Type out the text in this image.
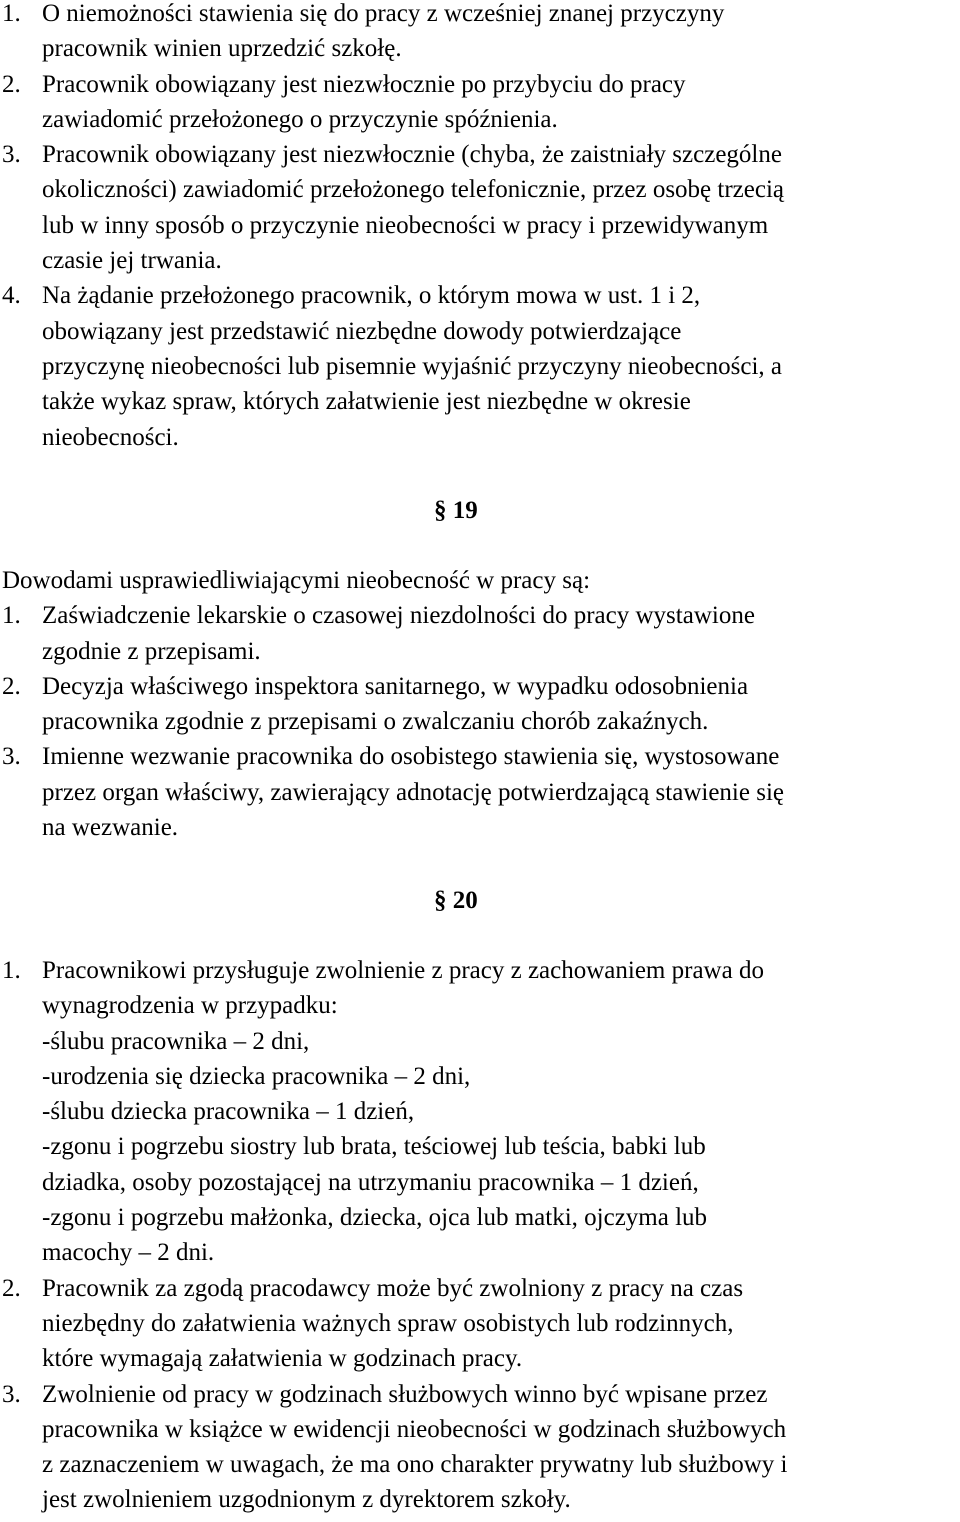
1. O niemożności stawienia się do pracy z wcześniej znanej przyczyny
pracownik winien uprzedzić szkołę.
2. Pracownik obowiązany jest niezwłocznie po przybyciu do pracy
zawiadomić przełożonego o przyczynie spóźnienia.
3. Pracownik obowiązany jest niezwłocznie (chyba, że zaistniały szczególne
okoliczności) zawiadomić przełożonego telefonicznie, przez osobę trzecią
lub w inny sposób o przyczynie nieobecności w pracy i przewidywanym
czasie jej trwania.
4. Na żądanie przełożonego pracownik, o którym mowa w ust. 1 i 2,
obowiązany jest przedstawić niezbędne dowody potwierdzające
przyczynę nieobecności lub pisemnie wyjaśnić przyczyny nieobecności, a
także wykaz spraw, których załatwienie jest niezbędne w okresie
nieobecności.
§ 19
Dowodami usprawiedliwiającymi nieobecność w pracy są:
1. Zaświadczenie lekarskie o czasowej niezdolności do pracy wystawione
zgodnie z przepisami.
2. Decyzja właściwego inspektora sanitarnego, w wypadku odosobnienia
pracownika zgodnie z przepisami o zwalczaniu chorób zakaźnych.
3. Imienne wezwanie pracownika do osobistego stawienia się, wystosowane
przez organ właściwy, zawierający adnotację potwierdzającą stawienie się
na wezwanie.
§ 20
1. Pracownikowi przysługuje zwolnienie z pracy z zachowaniem prawa do
wynagrodzenia w przypadku:
-ślubu pracownika – 2 dni,
-urodzenia się dziecka pracownika – 2 dni,
-ślubu dziecka pracownika – 1 dzień,
-zgonu i pogrzebu siostry lub brata, teściowej lub teścia, babki lub
dziadka, osoby pozostającej na utrzymaniu pracownika – 1 dzień,
-zgonu i pogrzebu małżonka, dziecka, ojca lub matki, ojczyma lub
macochy – 2 dni.
2. Pracownik za zgodą pracodawcy może być zwolniony z pracy na czas
niezbędny do załatwienia ważnych spraw osobistych lub rodzinnych,
które wymagają załatwienia w godzinach pracy.
3. Zwolnienie od pracy w godzinach służbowych winno być wpisane przez
pracownika w książce w ewidencji nieobecności w godzinach służbowych
z zaznaczeniem w uwagach, że ma ono charakter prywatny lub służbowy i
jest zwolnieniem uzgodnionym z dyrektorem szkoły.
